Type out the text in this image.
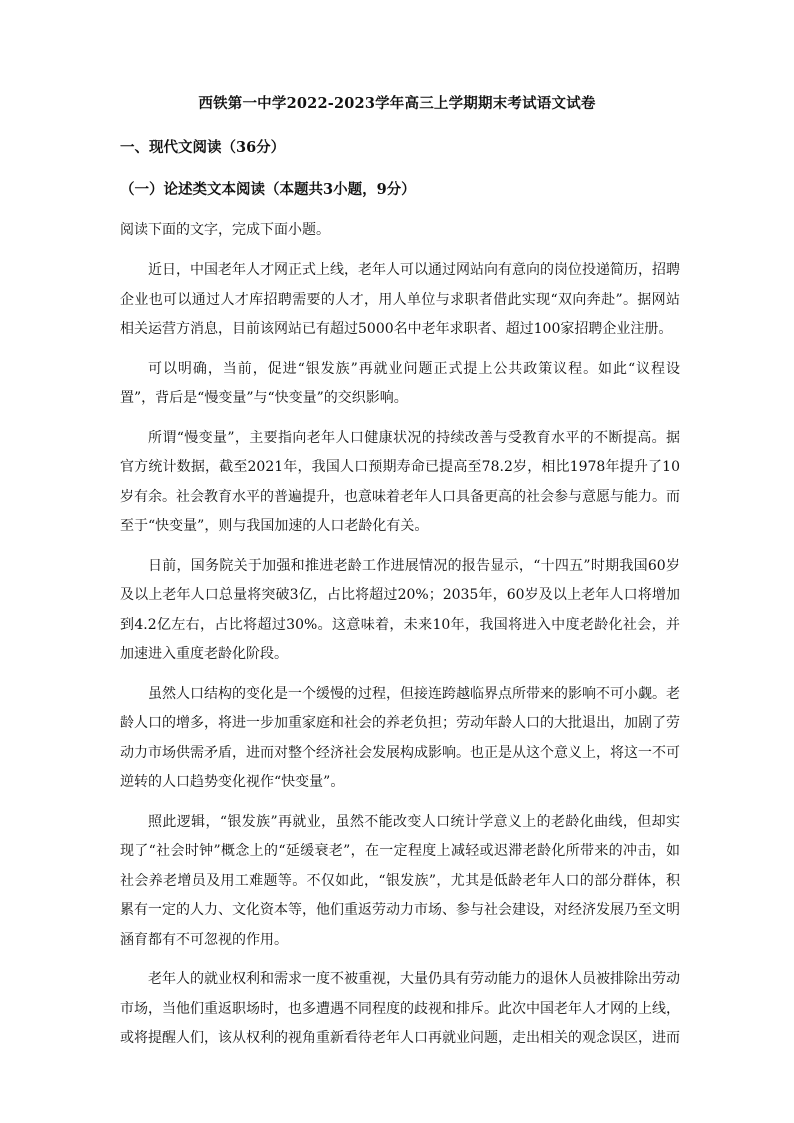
西铁第一中学2022-2023学年高三上学期期末考试语文试卷
一、现代文阅读（36分）
（一）论述类文本阅读（本题共3小题，9分）
阅读下面的文字，完成下面小题。

近日，中国老年人才网正式上线，老年人可以通过网站向有意向的岗位投递简历，招聘企业也可以通过人才库招聘需要的人才，用人单位与求职者借此实现“双向奔赴”。据网站相关运营方消息，目前该网站已有超过5000名中老年求职者、超过100家招聘企业注册。

可以明确，当前，促进“银发族”再就业问题正式提上公共政策议程。如此“议程设置”，背后是“慢变量”与“快变量”的交织影响。

所谓“慢变量”，主要指向老年人口健康状况的持续改善与受教育水平的不断提高。据官方统计数据，截至2021年，我国人口预期寿命已提高至78.2岁，相比1978年提升了10岁有余。社会教育水平的普遍提升，也意味着老年人口具备更高的社会参与意愿与能力。而至于“快变量”，则与我国加速的人口老龄化有关。

日前，国务院关于加强和推进老龄工作进展情况的报告显示，“十四五”时期我国60岁及以上老年人口总量将突破3亿，占比将超过20%；2035年，60岁及以上老年人口将增加到4.2亿左右，占比将超过30%。这意味着，未来10年，我国将进入中度老龄化社会，并加速进入重度老龄化阶段。

虽然人口结构的变化是一个缓慢的过程，但接连跨越临界点所带来的影响不可小觑。老龄人口的增多，将进一步加重家庭和社会的养老负担；劳动年龄人口的大批退出，加剧了劳动力市场供需矛盾，进而对整个经济社会发展构成影响。也正是从这个意义上，将这一不可逆转的人口趋势变化视作“快变量”。

照此逻辑，“银发族”再就业，虽然不能改变人口统计学意义上的老龄化曲线，但却实现了“社会时钟”概念上的“延缓衰老”，在一定程度上减轻或迟滞老龄化所带来的冲击，如社会养老增员及用工难题等。不仅如此，“银发族”，尤其是低龄老年人口的部分群体，积累有一定的人力、文化资本等，他们重返劳动力市场、参与社会建设，对经济发展乃至文明涵育都有不可忽视的作用。

老年人的就业权利和需求一度不被重视，大量仍具有劳动能力的退休人员被排除出劳动市场，当他们重返职场时，也多遭遇不同程度的歧视和排斥。此次中国老年人才网的上线，或将提醒人们，该从权利的视角重新看待老年人口再就业问题，走出相关的观念误区，进而
